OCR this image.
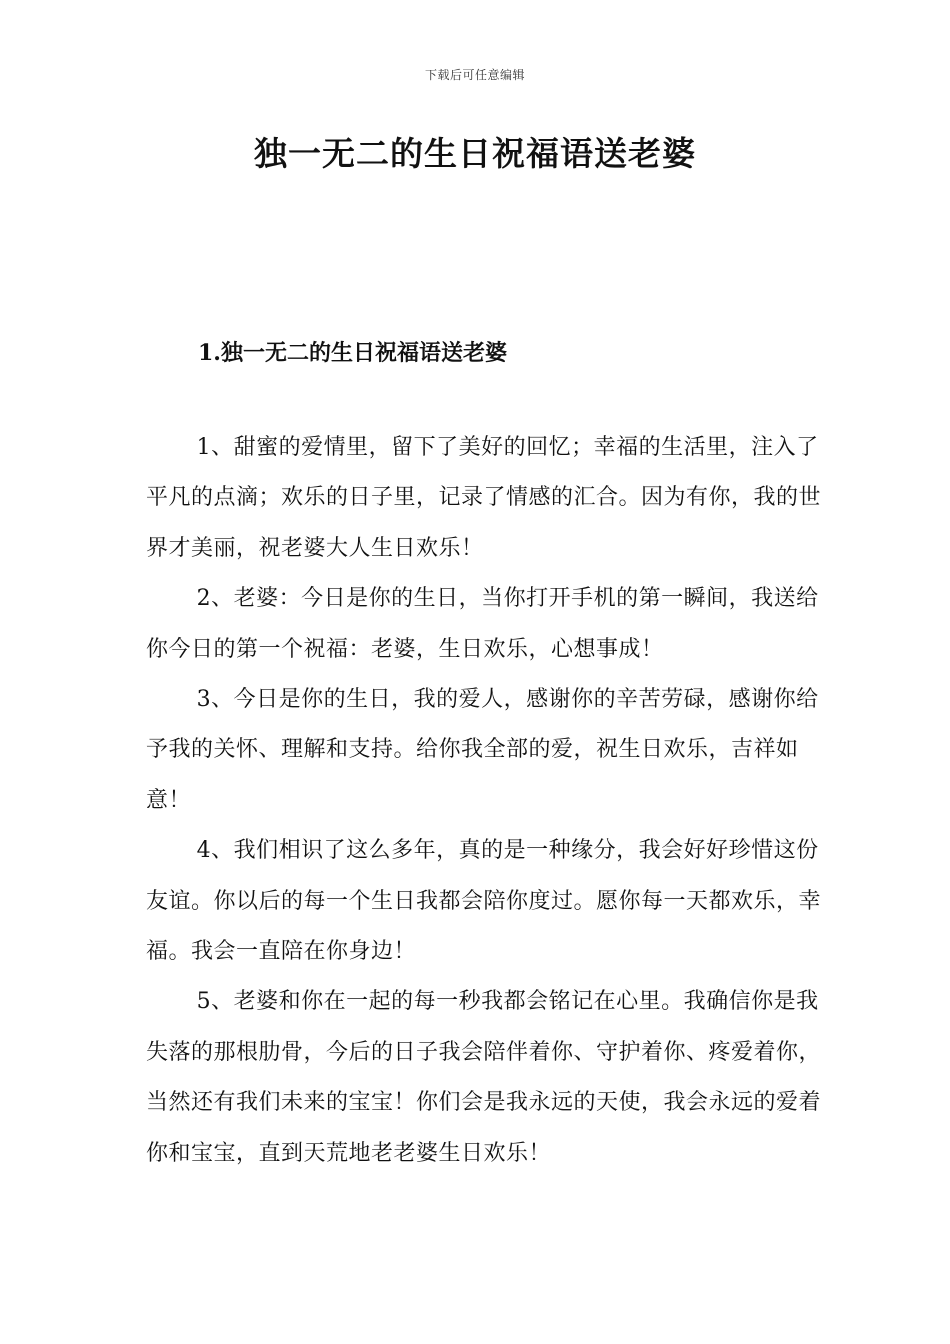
下载后可任意编辑
独一无二的生日祝福语送老婆
1.独一无二的生日祝福语送老婆

1、甜蜜的爱情里，留下了美好的回忆；幸福的生活里，注入了平凡的点滴；欢乐的日子里，记录了情感的汇合。因为有你，我的世界才美丽，祝老婆大人生日欢乐！

2、老婆：今日是你的生日，当你打开手机的第一瞬间，我送给你今日的第一个祝福：老婆，生日欢乐，心想事成！

3、今日是你的生日，我的爱人，感谢你的辛苦劳碌，感谢你给予我的关怀、理解和支持。给你我全部的爱，祝生日欢乐，吉祥如意！

4、我们相识了这么多年，真的是一种缘分，我会好好珍惜这份友谊。你以后的每一个生日我都会陪你度过。愿你每一天都欢乐，幸福。我会一直陪在你身边！

5、老婆和你在一起的每一秒我都会铭记在心里。我确信你是我失落的那根肋骨，今后的日子我会陪伴着你、守护着你、疼爱着你，当然还有我们未来的宝宝！你们会是我永远的天使，我会永远的爱着你和宝宝，直到天荒地老老婆生日欢乐！
